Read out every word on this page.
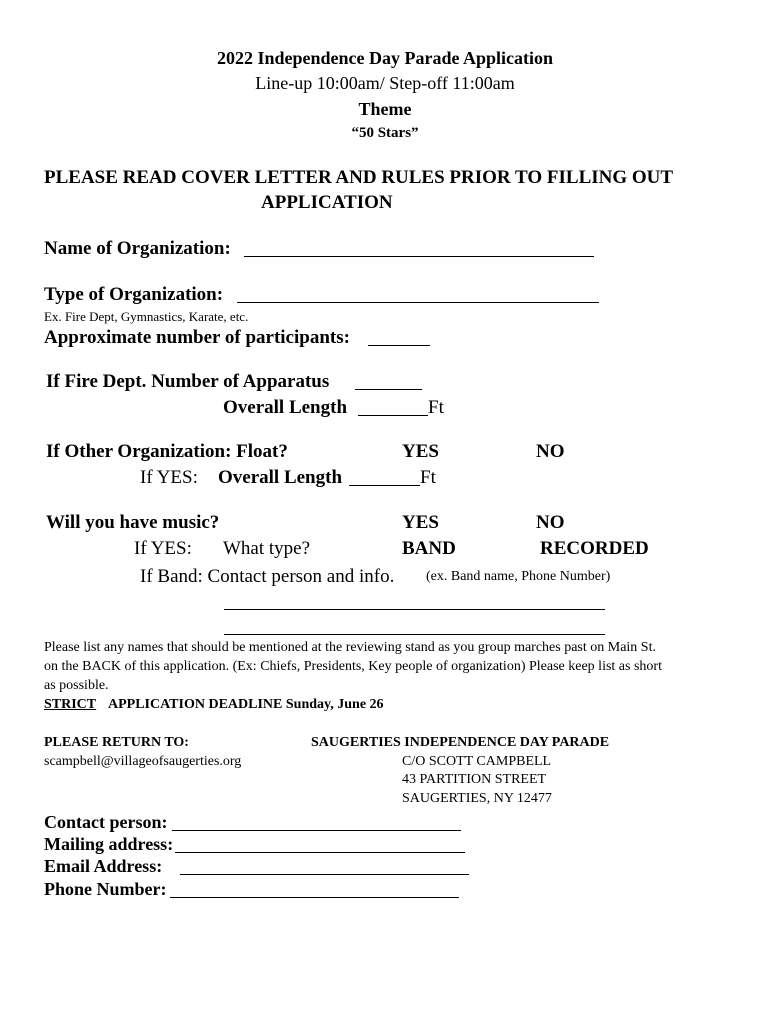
2022 Independence Day Parade Application
Line-up 10:00am/ Step-off 11:00am
Theme
“50 Stars”
PLEASE READ COVER LETTER AND RULES PRIOR TO FILLING OUT
APPLICATION
Name of Organization:
Type of Organization:
Ex. Fire Dept, Gymnastics, Karate, etc.
Approximate number of participants:
If Fire Dept. Number of Apparatus
Overall Length	Ft
If Other Organization: Float?	YES	NO
If YES: Overall Length	Ft
Will you have music?	YES	NO
If YES: What type?	BAND	RECORDED
If Band: Contact person and info. (ex. Band name, Phone Number)
Please list any names that should be mentioned at the reviewing stand as you group marches past on Main St.
on the BACK of this application. (Ex: Chiefs, Presidents, Key people of organization) Please keep list as short
as possible.
STRICT APPLICATION DEADLINE Sunday, June 26
PLEASE RETURN TO:
scampbell@villageofsaugerties.org
SAUGERTIES INDEPENDENCE DAY PARADE
C/O SCOTT CAMPBELL
43 PARTITION STREET
SAUGERTIES, NY 12477
Contact person:
Mailing address:
Email Address:
Phone Number:
